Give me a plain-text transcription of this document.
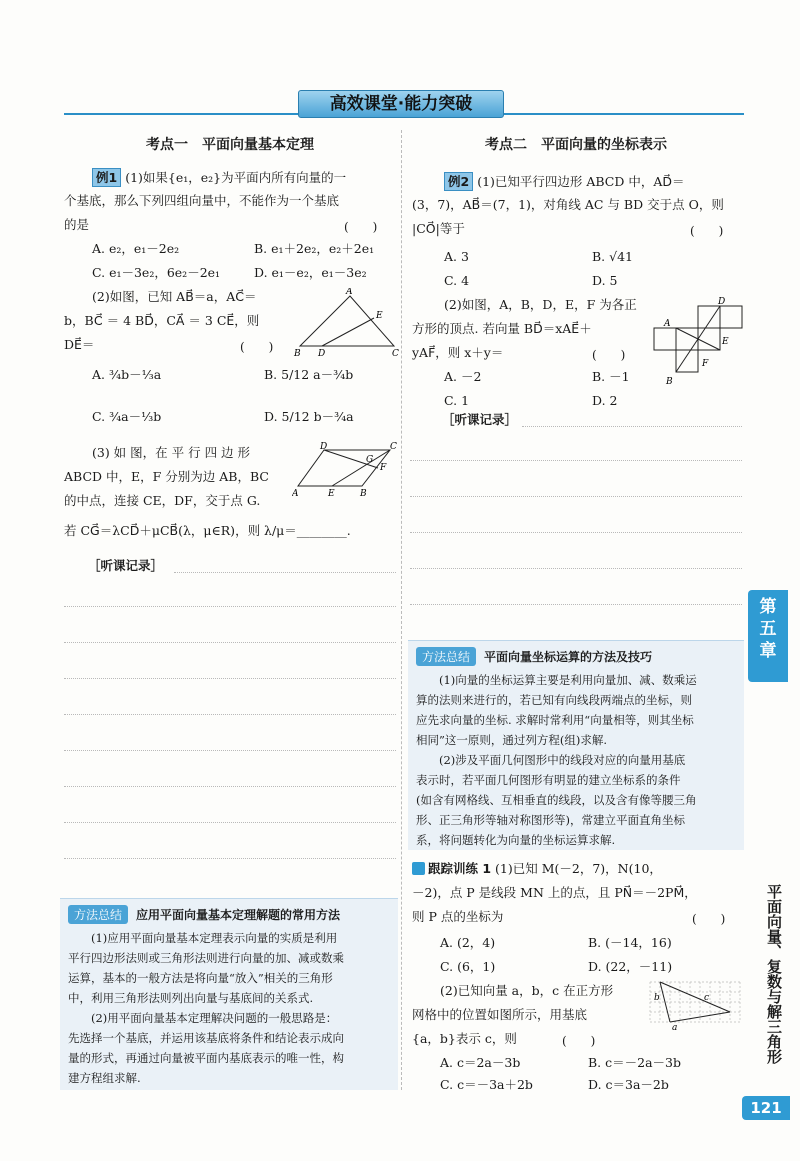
高效课堂·能力突破
考点一　平面向量基本定理
例1 (1)如果{e₁，e₂}为平面内所有向量的一
个基底，那么下列四组向量中，不能作为一个基底
的是	(　　)
A. e₂，e₁－2e₂	B. e₁＋2e₂，e₂＋2e₁
C. e₁－3e₂，6e₂－2e₁	D. e₁－e₂，e₁－3e₂
(2)如图，已知 AB⃗＝a，AC⃗＝
b，BC⃗ ＝ 4 BD⃗，CA⃗ ＝ 3 CE⃗，则
DE⃗＝	(　　)
A
B D	C
E
A. ¾b－⅓a	B. 5/12 a－¾b
C. ¾a－⅓b	D. 5/12 b－¾a
(3) 如 图，在 平 行 四 边 形
ABCD 中，E，F 分别为边 AB，BC
的中点，连接 CE，DF，交于点 G.
D	C
A	E	B
F
G
若 CG⃗＝λCD⃗＋μCB⃗(λ，μ∈R)，则 λ/μ＝________.
［听课记录］
方法总结 应用平面向量基本定理解题的常用方法
(1)应用平面向量基本定理表示向量的实质是利用
平行四边形法则或三角形法则进行向量的加、减或数乘
运算，基本的一般方法是将向量“放入”相关的三角形
中，利用三角形法则列出向量与基底间的关系式.
(2)用平面向量基本定理解决问题的一般思路是：
先选择一个基底，并运用该基底将条件和结论表示成向
量的形式，再通过向量被平面内基底表示的唯一性，构
建方程组求解.
考点二　平面向量的坐标表示
例2 (1)已知平行四边形 ABCD 中，AD⃗＝
(3，7)，AB⃗＝(7，1)，对角线 AC 与 BD 交于点 O，则
|CO⃗|等于	(　　)
A. 3	B. √41
C. 4	D. 5
(2)如图，A，B，D，E，F 为各正
方形的顶点. 若向量 BD⃗＝xAE⃗＋
yAF⃗，则 x＋y＝	(　　)
A. －2	B. －1
C. 1	D. 2
D
A
E
F
B
［听课记录］
方法总结 平面向量坐标运算的方法及技巧
(1)向量的坐标运算主要是利用向量加、减、数乘运
算的法则来进行的，若已知有向线段两端点的坐标，则
应先求向量的坐标. 求解时常利用“向量相等，则其坐标
相同”这一原则，通过列方程(组)求解.
(2)涉及平面几何图形中的线段对应的向量用基底
表示时，若平面几何图形有明显的建立坐标系的条件
(如含有网格线、互相垂直的线段，以及含有像等腰三角
形、正三角形等轴对称图形等)，常建立平面直角坐标
系，将问题转化为向量的坐标运算求解.
跟踪训练 1 (1)已知 M(－2，7)，N(10，
－2)，点 P 是线段 MN 上的点，且 PN⃗＝－2PM⃗，
则 P 点的坐标为	(　　)
A. (2，4)	B. (－14，16)
C. (6，1)	D. (22，－11)
(2)已知向量 a，b，c 在正方形
网格中的位置如图所示，用基底
{a，b}表示 c，则	(　　)
A. c＝2a－3b	B. c＝－2a－3b
C. c＝－3a＋2b	D. c＝3a－2b
b	c
a
第
五
章
平面向量、复数与解三角形
121
